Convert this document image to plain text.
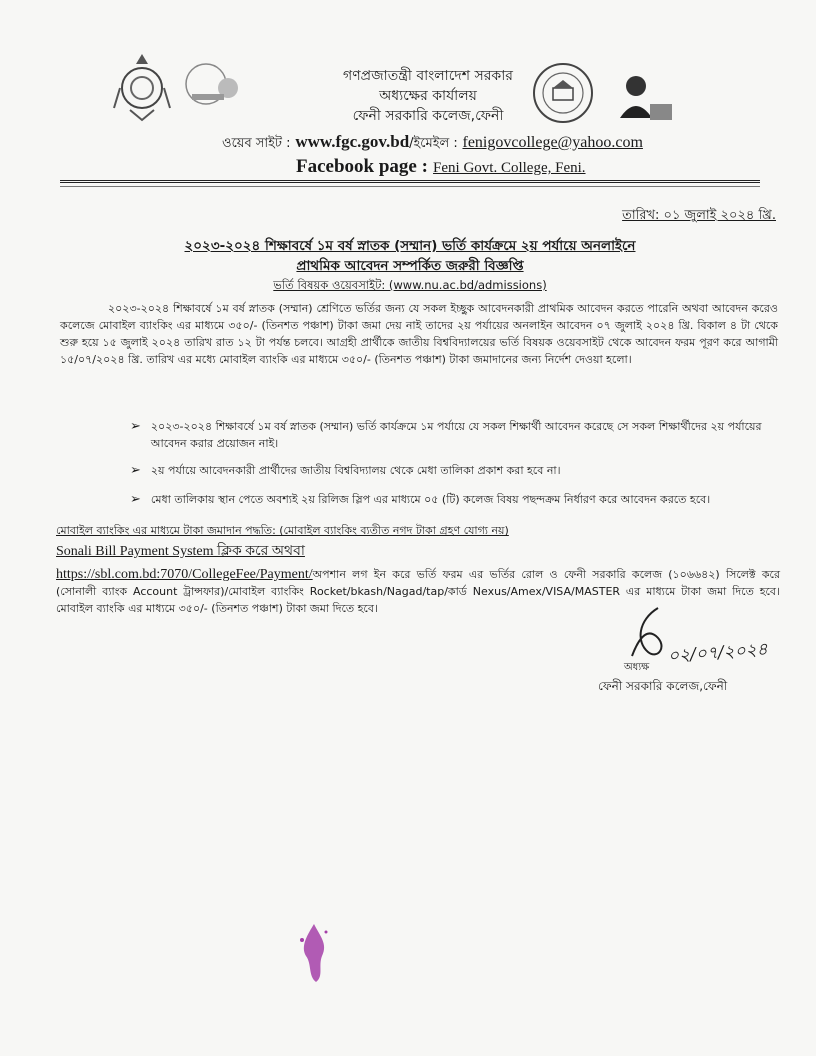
গণপ্রজাতন্ত্রী বাংলাদেশ সরকার
অধ্যক্ষের কার্যালয়
ফেনী সরকারি কলেজ,ফেনী
ওয়েব সাইট : www.fgc.gov.bd/ইমেইল : fenigovcollege@yahoo.com
Facebook page : Feni Govt. College, Feni.
তারিখ: ০১ জুলাই ২০২৪ খ্রি.
২০২৩-২০২৪ শিক্ষাবর্ষে ১ম বর্ষ স্নাতক (সম্মান) ভর্তি কার্যক্রমে ২য় পর্যায়ে অনলাইনে
প্রাথমিক আবেদন সম্পর্কিত জরুরী বিজ্ঞপ্তি
ভর্তি বিষয়ক ওয়েবসাইট: (www.nu.ac.bd/admissions)
২০২৩-২০২৪ শিক্ষাবর্ষে ১ম বর্ষ স্নাতক (সম্মান) শ্রেণিতে ভর্তির জন্য যে সকল ইচ্ছুক আবেদনকারী প্রাথমিক আবেদন করতে পারেনি অথবা আবেদন করেও কলেজে মোবাইল ব্যাংকিং এর মাধ্যমে ৩৫০/- (তিনশত পঞ্চাশ) টাকা জমা দেয় নাই তাদের ২য় পর্যায়ের অনলাইন আবেদন ০৭ জুলাই ২০২৪ খ্রি. বিকাল ৪ টা থেকে শুরু হয়ে ১৫ জুলাই ২০২৪ তারিখ রাত ১২ টা পর্যন্ত চলবে। আগ্রহী প্রার্থীকে জাতীয় বিশ্ববিদ্যালয়ের ভর্তি বিষয়ক ওয়েবসাইট থেকে আবেদন ফরম পূরণ করে আগামী ১৫/০৭/২০২৪ খ্রি. তারিখ এর মধ্যে মোবাইল ব্যাংকি এর মাধ্যমে ৩৫০/- (তিনশত পঞ্চাশ) টাকা জমাদানের জন্য নির্দেশ দেওয়া হলো।
➢ ২০২৩-২০২৪ শিক্ষাবর্ষে ১ম বর্ষ স্নাতক (সম্মান) ভর্তি কার্যক্রমে ১ম পর্যায়ে যে সকল শিক্ষার্থী আবেদন করেছে সে সকল শিক্ষার্থীদের ২য় পর্যায়ের আবেদন করার প্রয়োজন নাই।
➢ ২য় পর্যায়ে আবেদনকারী প্রার্থীদের জাতীয় বিশ্ববিদ্যালয় থেকে মেধা তালিকা প্রকাশ করা হবে না।
➢ মেধা তালিকায় স্থান পেতে অবশ্যই ২য় রিলিজ স্লিপ এর মাধ্যমে ০৫ (টি) কলেজ বিষয় পছন্দক্রম নির্ধারণ করে আবেদন করতে হবে।
মোবাইল ব্যাংকিং এর মাধ্যমে টাকা জমাদান পদ্ধতি: (মোবাইল ব্যাংকিং ব্যতীত নগদ টাকা গ্রহণ যোগ্য নয়)
Sonali Bill Payment System ক্লিক করে অথবা
https://sbl.com.bd:7070/CollegeFee/Payment/অপশান লগ ইন করে ভর্তি ফরম এর ভর্তির রোল ও ফেনী সরকারি কলেজ (১০৬৬৪২) সিলেক্ট করে (সোনালী ব্যাংক Account ট্রান্সফার)/মোবাইল ব্যাংকিং Rocket/bkash/Nagad/tap/কার্ড Nexus/Amex/VISA/MASTER এর মাধ্যমে টাকা জমা দিতে হবে। মোবাইল ব্যাংকি এর মাধ্যমে ৩৫০/- (তিনশত পঞ্চাশ) টাকা জমা দিতে হবে।
০২/০৭/২০২৪
অধ্যক্ষ
ফেনী সরকারি কলেজ,ফেনী
